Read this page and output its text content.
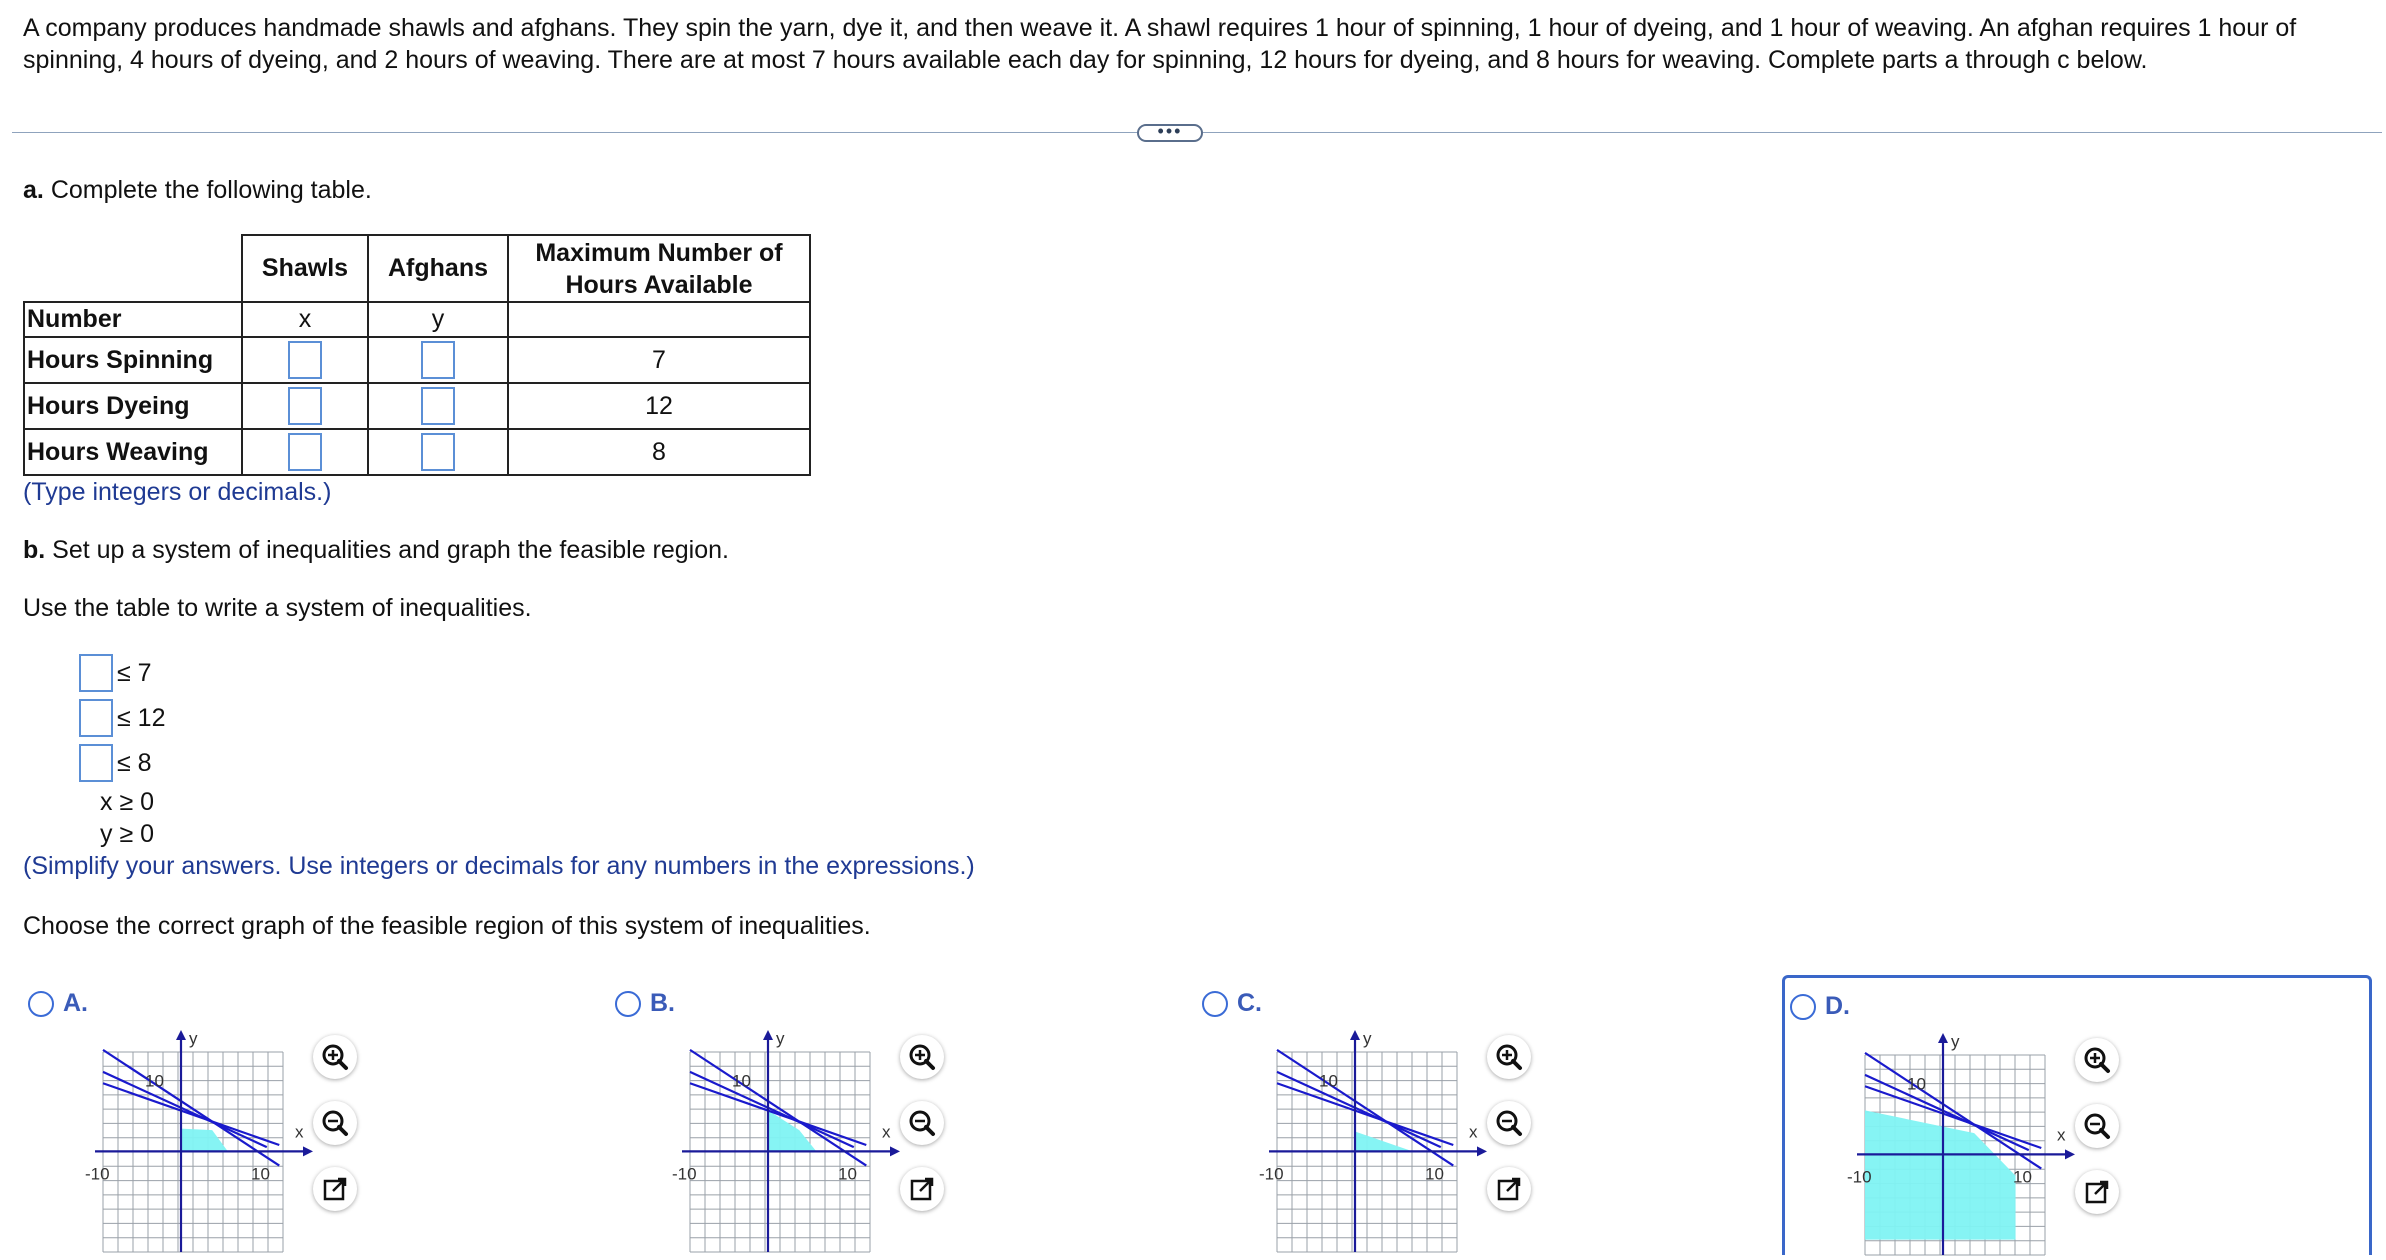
A company produces handmade shawls and afghans. They spin the yarn, dye it, and then weave it. A shawl requires 1 hour of spinning, 1 hour of dyeing, and 1 hour of weaving. An afghan requires 1 hour of spinning, 4 hours of dyeing, and 2 hours of weaving. There are at most 7 hours available each day for spinning, 12 hours for dyeing, and 8 hours for weaving. Complete parts a through c below.
•••
a. Complete the following table.
	Shawls	Afghans	Maximum Number of
Hours Available
Number	x	y	
Hours Spinning			7
Hours Dyeing			12
Hours Weaving			8
(Type integers or decimals.)
b. Set up a system of inequalities and graph the feasible region.
Use the table to write a system of inequalities.
≤ 7
≤ 12
≤ 8
x ≥ 0
y ≥ 0
(Simplify your answers. Use integers or decimals for any numbers in the expressions.)
Choose the correct graph of the feasible region of this system of inequalities.
A.
y
x
10
10
-10
B.
y
x
10
10
-10
C.
y
x
10
10
-10
D.
y
x
10
10
-10
